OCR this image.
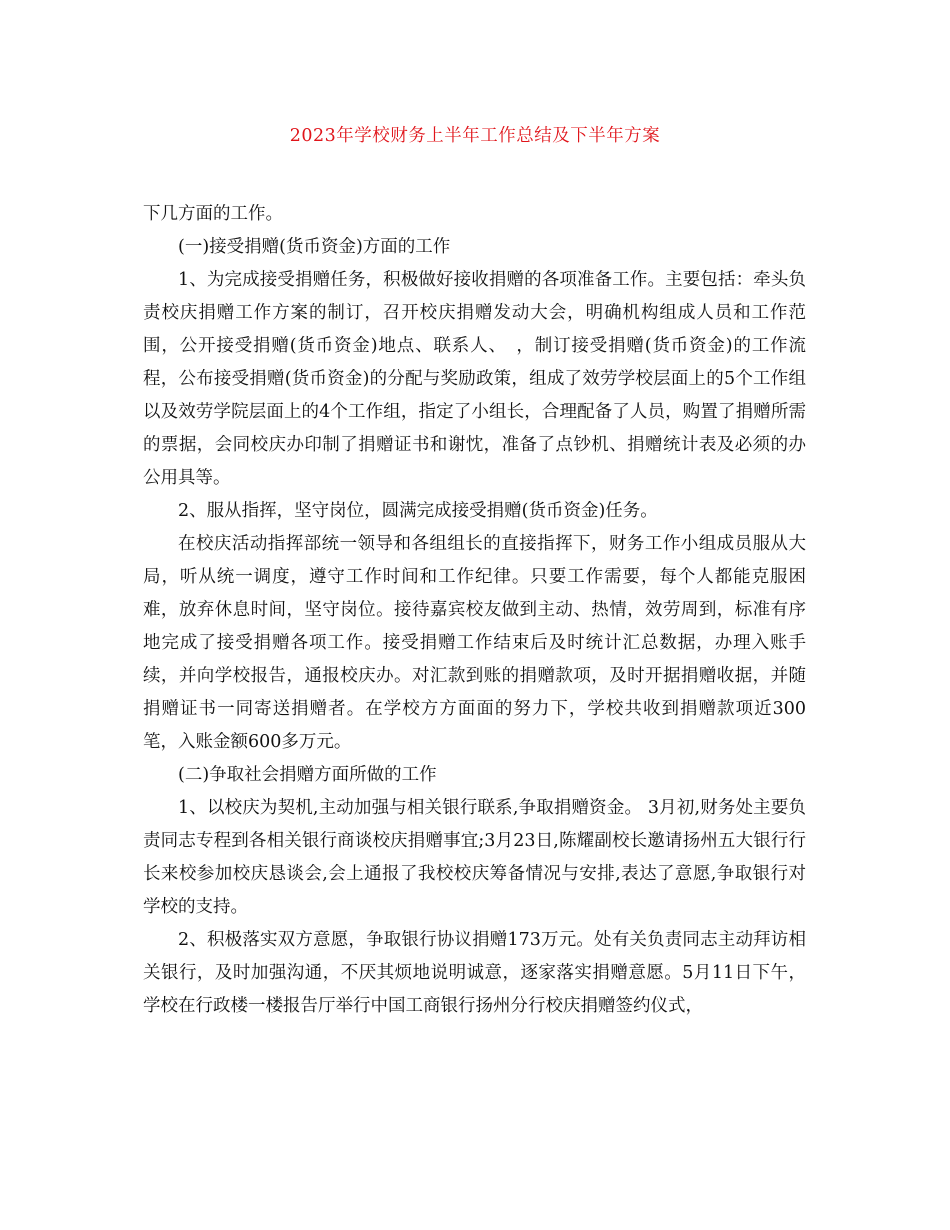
2023年学校财务上半年工作总结及下半年方案

下几方面的工作。

(一)接受捐赠(货币资金)方面的工作

1、为完成接受捐赠任务，积极做好接收捐赠的各项准备工作。主要包括：牵头负责校庆捐赠工作方案的制订，召开校庆捐赠发动大会，明确机构组成人员和工作范围，公开接受捐赠(货币资金)地点、联系人、　，制订接受捐赠(货币资金)的工作流程，公布接受捐赠(货币资金)的分配与奖励政策，组成了效劳学校层面上的5个工作组以及效劳学院层面上的4个工作组，指定了小组长，合理配备了人员，购置了捐赠所需的票据，会同校庆办印制了捐赠证书和谢忱，准备了点钞机、捐赠统计表及必须的办公用具等。

2、服从指挥，坚守岗位，圆满完成接受捐赠(货币资金)任务。

在校庆活动指挥部统一领导和各组组长的直接指挥下，财务工作小组成员服从大局，听从统一调度，遵守工作时间和工作纪律。只要工作需要，每个人都能克服困难，放弃休息时间，坚守岗位。接待嘉宾校友做到主动、热情，效劳周到，标准有序地完成了接受捐赠各项工作。接受捐赠工作结束后及时统计汇总数据，办理入账手续，并向学校报告，通报校庆办。对汇款到账的捐赠款项，及时开据捐赠收据，并随捐赠证书一同寄送捐赠者。在学校方方面面的努力下，学校共收到捐赠款项近300笔，入账金额600多万元。

(二)争取社会捐赠方面所做的工作

1、以校庆为契机,主动加强与相关银行联系,争取捐赠资金。 3月初,财务处主要负责同志专程到各相关银行商谈校庆捐赠事宜;3月23日,陈耀副校长邀请扬州五大银行行长来校参加校庆恳谈会,会上通报了我校校庆筹备情况与安排,表达了意愿,争取银行对学校的支持。

2、积极落实双方意愿，争取银行协议捐赠173万元。处有关负责同志主动拜访相关银行，及时加强沟通，不厌其烦地说明诚意，逐家落实捐赠意愿。5月11日下午，学校在行政楼一楼报告厅举行中国工商银行扬州分行校庆捐赠签约仪式，
